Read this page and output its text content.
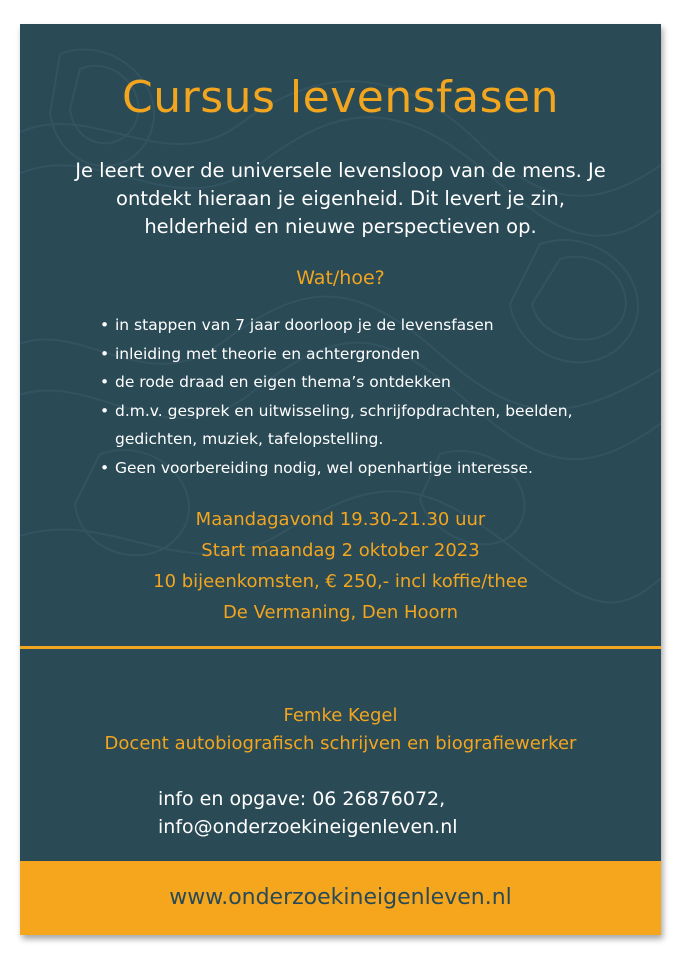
Cursus levensfasen
Je leert over de universele levensloop van de mens. Je
ontdekt hieraan je eigenheid. Dit levert je zin,
helderheid en nieuwe perspectieven op.
Wat/hoe?
• in stappen van 7 jaar doorloop je de levensfasen
• inleiding met theorie en achtergronden
• de rode draad en eigen thema’s ontdekken
• d.m.v. gesprek en uitwisseling, schrijfopdrachten, beelden, gedichten, muziek, tafelopstelling.
• Geen voorbereiding nodig, wel openhartige interesse.
Maandagavond 19.30-21.30 uur
Start maandag 2 oktober 2023
10 bijeenkomsten, € 250,- incl koffie/thee
De Vermaning, Den Hoorn
Femke Kegel
Docent autobiografisch schrijven en biografiewerker
info en opgave: 06 26876072,
info@onderzoekineigenleven.nl
www.onderzoekineigenleven.nl
